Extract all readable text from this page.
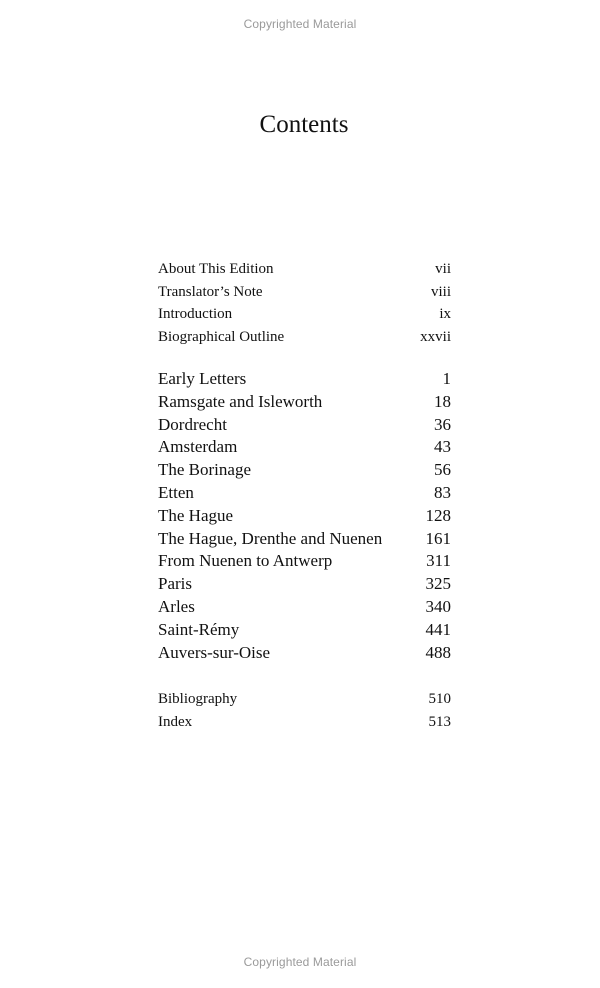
Copyrighted Material
Contents
About This Edition	vii
Translator’s Note	viii
Introduction	ix
Biographical Outline	xxvii
Early Letters	1
Ramsgate and Isleworth	18
Dordrecht	36
Amsterdam	43
The Borinage	56
Etten	83
The Hague	128
The Hague, Drenthe and Nuenen	161
From Nuenen to Antwerp	311
Paris	325
Arles	340
Saint-Rémy	441
Auvers-sur-Oise	488
Bibliography	510
Index	513
Copyrighted Material
